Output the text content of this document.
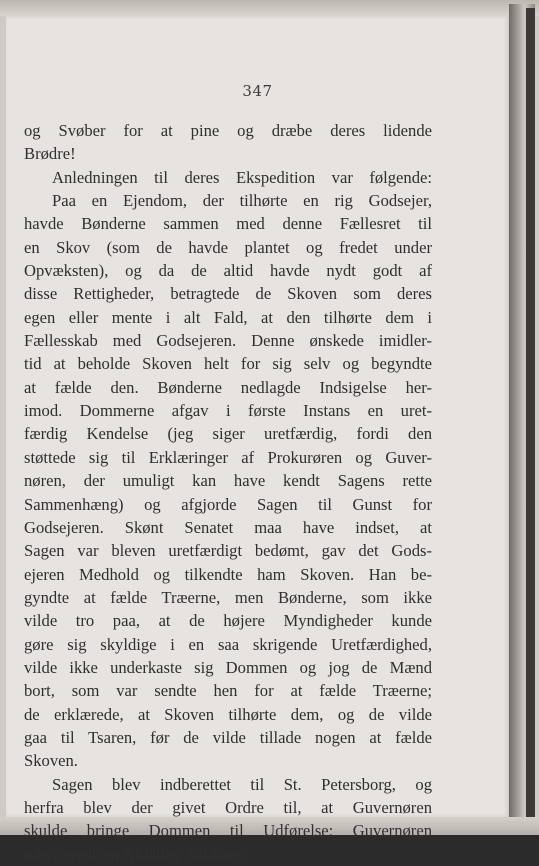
347
og Svøber for at pine og dræbe deres lidende
Brødre!
Anledningen til deres Ekspedition var følgende:
Paa en Ejendom, der tilhørte en rig Godsejer,
havde Bønderne sammen med denne Fællesret til
en Skov (som de havde plantet og fredet under
Opvæksten), og da de altid havde nydt godt af
disse Rettigheder, betragtede de Skoven som deres
egen eller mente i alt Fald, at den tilhørte dem i
Fællesskab med Godsejeren. Denne ønskede imidler-
tid at beholde Skoven helt for sig selv og begyndte
at fælde den. Bønderne nedlagde Indsigelse her-
imod. Dommerne afgav i første Instans en uret-
færdig Kendelse (jeg siger uretfærdig, fordi den
støttede sig til Erklæringer af Prokurøren og Guver-
nøren, der umuligt kan have kendt Sagens rette
Sammenhæng) og afgjorde Sagen til Gunst for
Godsejeren. Skønt Senatet maa have indset, at
Sagen var bleven uretfærdigt bedømt, gav det Gods-
ejeren Medhold og tilkendte ham Skoven. Han be-
gyndte at fælde Træerne, men Bønderne, som ikke
vilde tro paa, at de højere Myndigheder kunde
gøre sig skyldige i en saa skrigende Uretfærdighed,
vilde ikke underkaste sig Dommen og jog de Mænd
bort, som var sendte hen for at fælde Træerne;
de erklærede, at Skoven tilhørte dem, og de vilde
gaa til Tsaren, før de vilde tillade nogen at fælde
Skoven.
Sagen blev indberettet til St. Petersborg, og
herfra blev der givet Ordre til, at Guvernøren
skulde bringe Dommen til Udførelse; Guvernøren
rekvirerede en Afdeling Soldater.
